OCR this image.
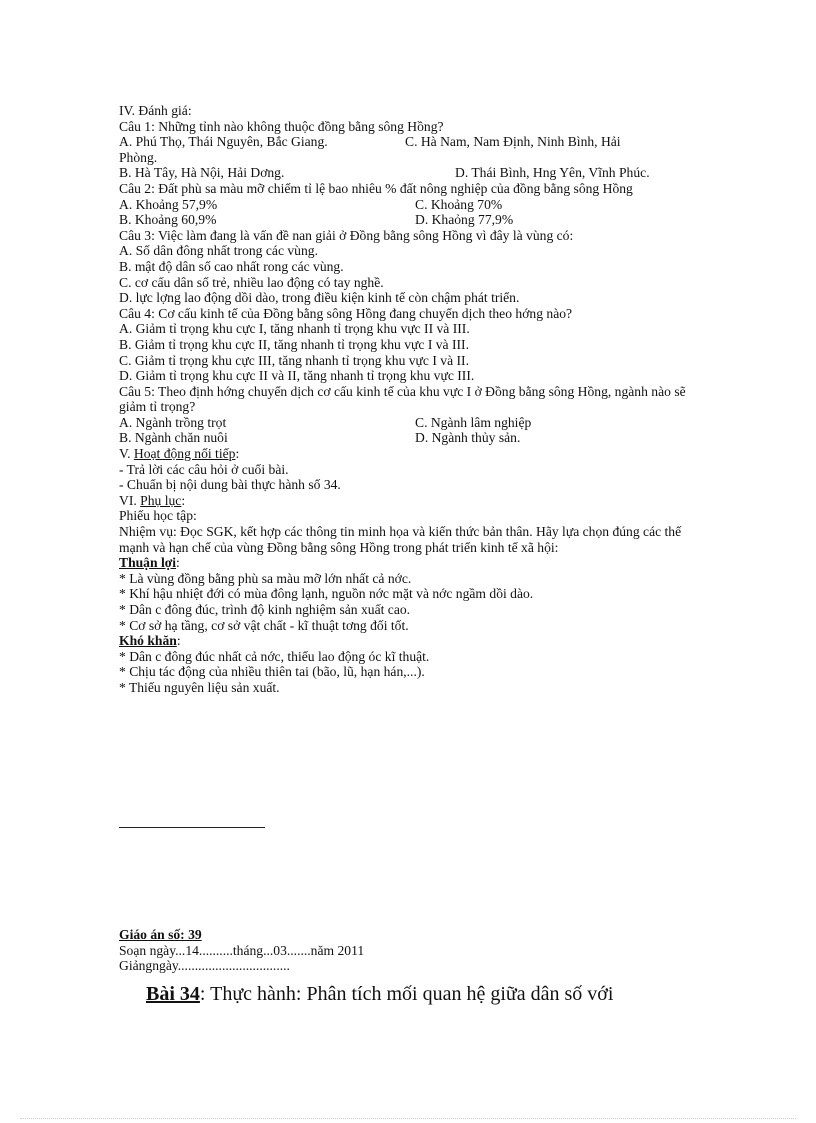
IV. Đánh giá:
Câu 1: Những tỉnh nào không thuộc đồng bằng sông Hồng?
A. Phú Thọ, Thái Nguyên, Bắc Giang.	C. Hà Nam, Nam Định, Ninh Bình, Hải
Phòng.
B. Hà Tây, Hà Nội, Hải Dơng.	D. Thái Bình, Hng Yên, Vĩnh Phúc.
Câu 2: Đất phù sa màu mỡ chiếm tỉ lệ bao nhiêu % đất nông nghiệp của đồng bằng sông Hồng
A. Khoảng 57,9%	C. Khoảng 70%
B. Khoảng 60,9%	D. Khaỏng 77,9%
Câu 3: Việc làm đang là vấn đề nan giải ở Đồng bằng sông Hồng vì đây là vùng có:
A. Số dân đông nhất trong các vùng.
B. mật độ dân số cao nhất rong các vùng.
C. cơ cấu dân số trẻ, nhiều lao động có tay nghề.
D. lực lợng lao động dồi dào, trong điều kiện kinh tế còn chậm phát triển.
Câu 4: Cơ cấu kinh tế của Đồng bằng sông Hồng đang chuyển dịch theo hớng nào?
A. Giảm tỉ trọng khu cực I, tăng nhanh tỉ trọng khu vực II và III.
B. Giảm tỉ trọng khu cực II, tăng nhanh tỉ trọng khu vực I và III.
C. Giảm tỉ trọng khu cực III, tăng nhanh tỉ trọng khu vực I và II.
D. Giảm tỉ trọng khu cực II và II, tăng nhanh tỉ trọng khu vực III.
Câu 5: Theo định hớng chuyển dịch cơ cấu kinh tế của khu vực I ở Đồng bằng sông Hồng, ngành nào sẽ giảm tỉ trọng?
A. Ngành trồng trọt	C. Ngành lâm nghiệp
B. Ngành chăn nuôi	D. Ngành thủy sản.
V. Hoạt động nối tiếp:
- Trả lời các câu hỏi ở cuối bài.
- Chuẩn bị nội dung bài thực hành số 34.
VI. Phụ lục:
Phiếu học tập:
Nhiệm vụ: Đọc SGK, kết hợp các thông tin minh họa và kiến thức bản thân. Hãy lựa chọn đúng các thế mạnh và hạn chế của vùng Đồng bằng sông Hồng trong phát triển kinh tế xã hội:
Thuận lợi:
* Là vùng đồng bằng phù sa màu mỡ lớn nhất cả nớc.
* Khí hậu nhiệt đới có mùa đông lạnh, nguồn nớc mặt và nớc ngầm dồi dào.
* Dân c đông đúc, trình độ kinh nghiệm sản xuất cao.
* Cơ sở hạ tầng, cơ sở vật chất - kĩ thuật tơng đối tốt.
Khó khăn:
* Dân c đông đúc nhất cả nớc, thiếu lao động óc kĩ thuật.
* Chịu tác động của nhiều thiên tai (bão, lũ, hạn hán,...).
* Thiếu nguyên liệu sản xuất.
Giáo án số: 39
Soạn ngày...14..........tháng...03.......năm 2011
Giảngngày.................................
Bài 34: Thực hành: Phân tích mối quan hệ giữa dân số với
